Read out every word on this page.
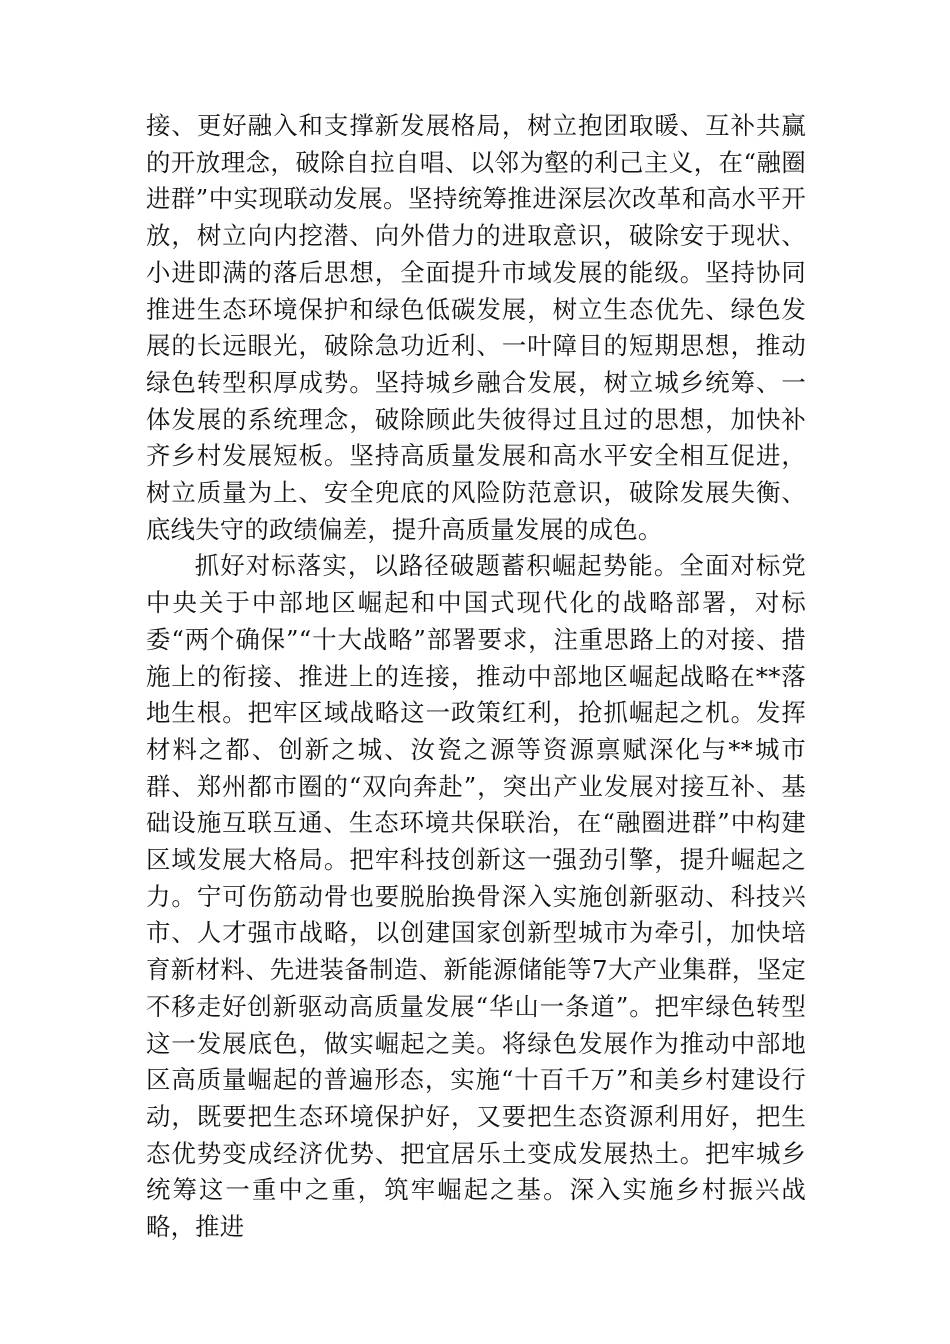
接、更好融入和支撑新发展格局，树立抱团取暖、互补共赢的开放理念，破除自拉自唱、以邻为壑的利己主义，在“融圈进群”中实现联动发展。坚持统筹推进深层次改革和高水平开放，树立向内挖潜、向外借力的进取意识，破除安于现状、小进即满的落后思想，全面提升市域发展的能级。坚持协同推进生态环境保护和绿色低碳发展，树立生态优先、绿色发展的长远眼光，破除急功近利、一叶障目的短期思想，推动绿色转型积厚成势。坚持城乡融合发展，树立城乡统筹、一体发展的系统理念，破除顾此失彼得过且过的思想，加快补齐乡村发展短板。坚持高质量发展和高水平安全相互促进，树立质量为上、安全兜底的风险防范意识，破除发展失衡、底线失守的政绩偏差，提升高质量发展的成色。

抓好对标落实，以路径破题蓄积崛起势能。全面对标党中央关于中部地区崛起和中国式现代化的战略部署，对标委“两个确保”“十大战略”部署要求，注重思路上的对接、措施上的衔接、推进上的连接，推动中部地区崛起战略在**落地生根。把牢区域战略这一政策红利，抢抓崛起之机。发挥材料之都、创新之城、汝瓷之源等资源禀赋深化与**城市群、郑州都市圈的“双向奔赴”，突出产业发展对接互补、基础设施互联互通、生态环境共保联治，在“融圈进群”中构建区域发展大格局。把牢科技创新这一强劲引擎，提升崛起之力。宁可伤筋动骨也要脱胎换骨深入实施创新驱动、科技兴市、人才强市战略，以创建国家创新型城市为牵引，加快培育新材料、先进装备制造、新能源储能等7大产业集群，坚定不移走好创新驱动高质量发展“华山一条道”。把牢绿色转型这一发展底色，做实崛起之美。将绿色发展作为推动中部地区高质量崛起的普遍形态，实施“十百千万”和美乡村建设行动，既要把生态环境保护好，又要把生态资源利用好，把生态优势变成经济优势、把宜居乐土变成发展热土。把牢城乡统筹这一重中之重，筑牢崛起之基。深入实施乡村振兴战略，推进
